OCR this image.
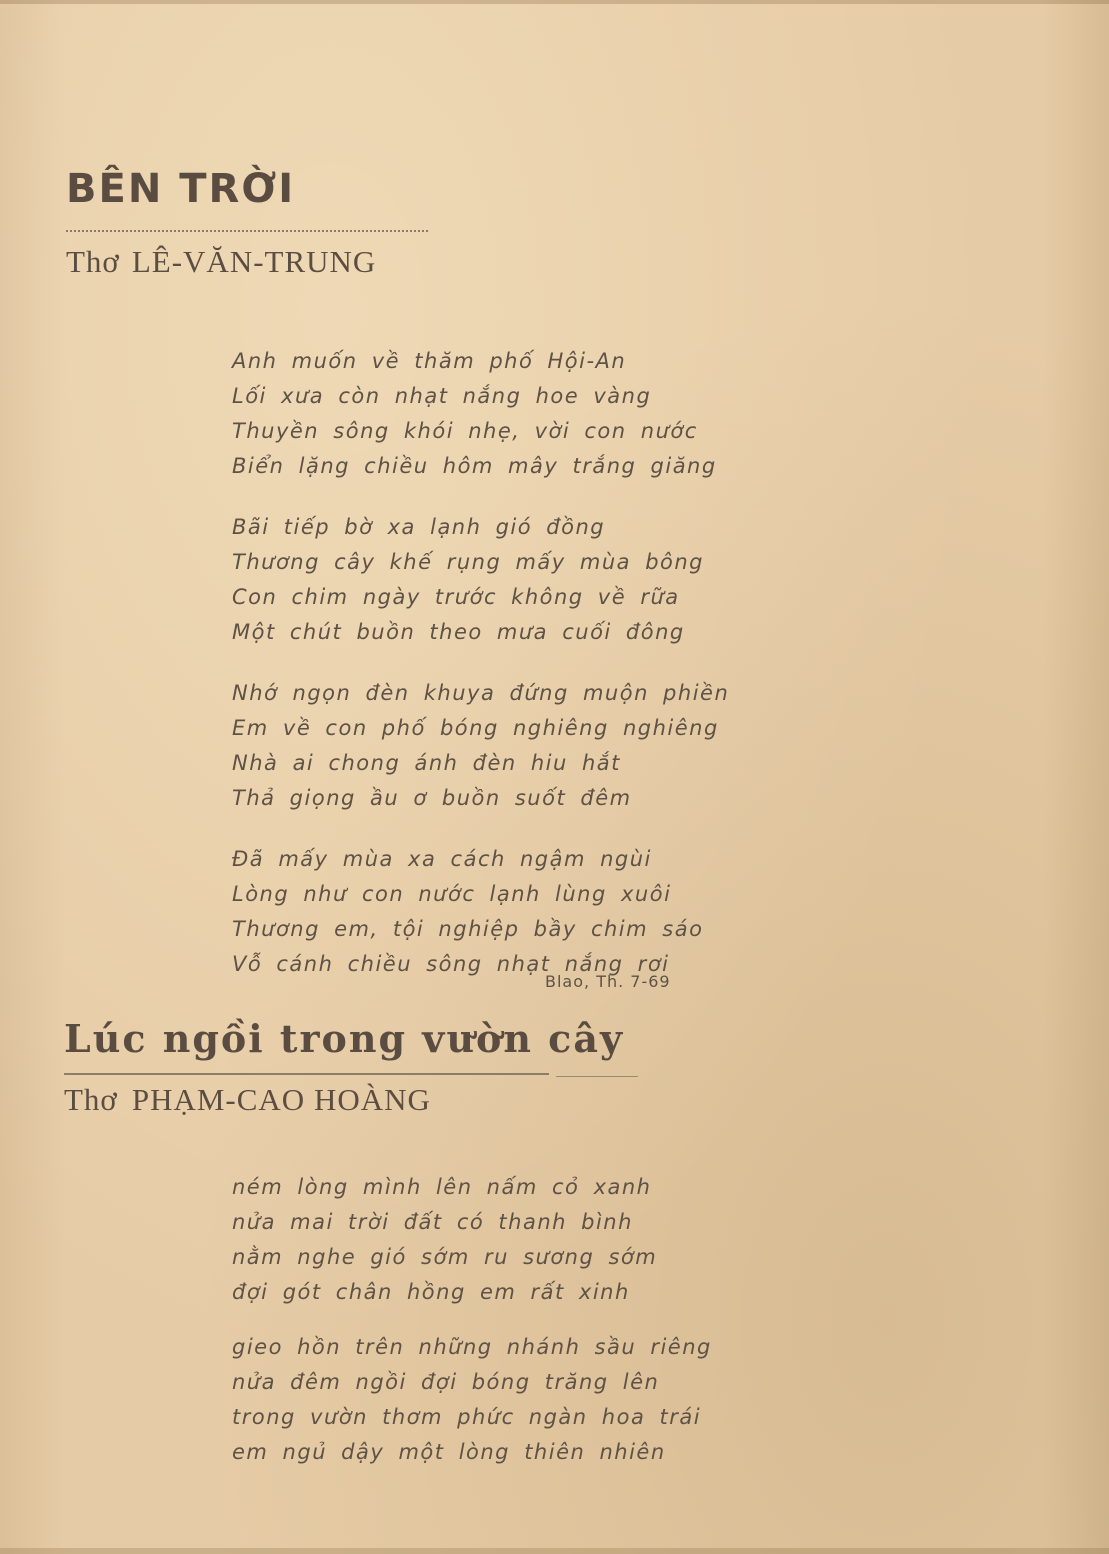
BÊN TRỜI

Thơ LÊ-VĂN-TRUNG

Anh muốn về thăm phố Hội-An

Lối xưa còn nhạt nắng hoe vàng

Thuyền sông khói nhẹ, vời con nước

Biển lặng chiều hôm mây trắng giăng

Bãi tiếp bờ xa lạnh gió đồng

Thương cây khế rụng mấy mùa bông

Con chim ngày trước không về rữa

Một chút buồn theo mưa cuối đông

Nhớ ngọn đèn khuya đứng muộn phiền

Em về con phố bóng nghiêng nghiêng

Nhà ai chong ánh đèn hiu hắt

Thả giọng ầu ơ buồn suốt đêm

Đã mấy mùa xa cách ngậm ngùi

Lòng như con nước lạnh lùng xuôi

Thương em, tội nghiệp bầy chim sáo

Vỗ cánh chiều sông nhạt nắng rơi

Blao, Th. 7-69

Lúc ngồi trong vườn cây

Thơ PHẠM-CAO HOÀNG

ném lòng mình lên nấm cỏ xanh

nửa mai trời đất có thanh bình

nằm nghe gió sớm ru sương sớm

đợi gót chân hồng em rất xinh

gieo hồn trên những nhánh sầu riêng

nửa đêm ngồi đợi bóng trăng lên

trong vườn thơm phức ngàn hoa trái

em ngủ dậy một lòng thiên nhiên
